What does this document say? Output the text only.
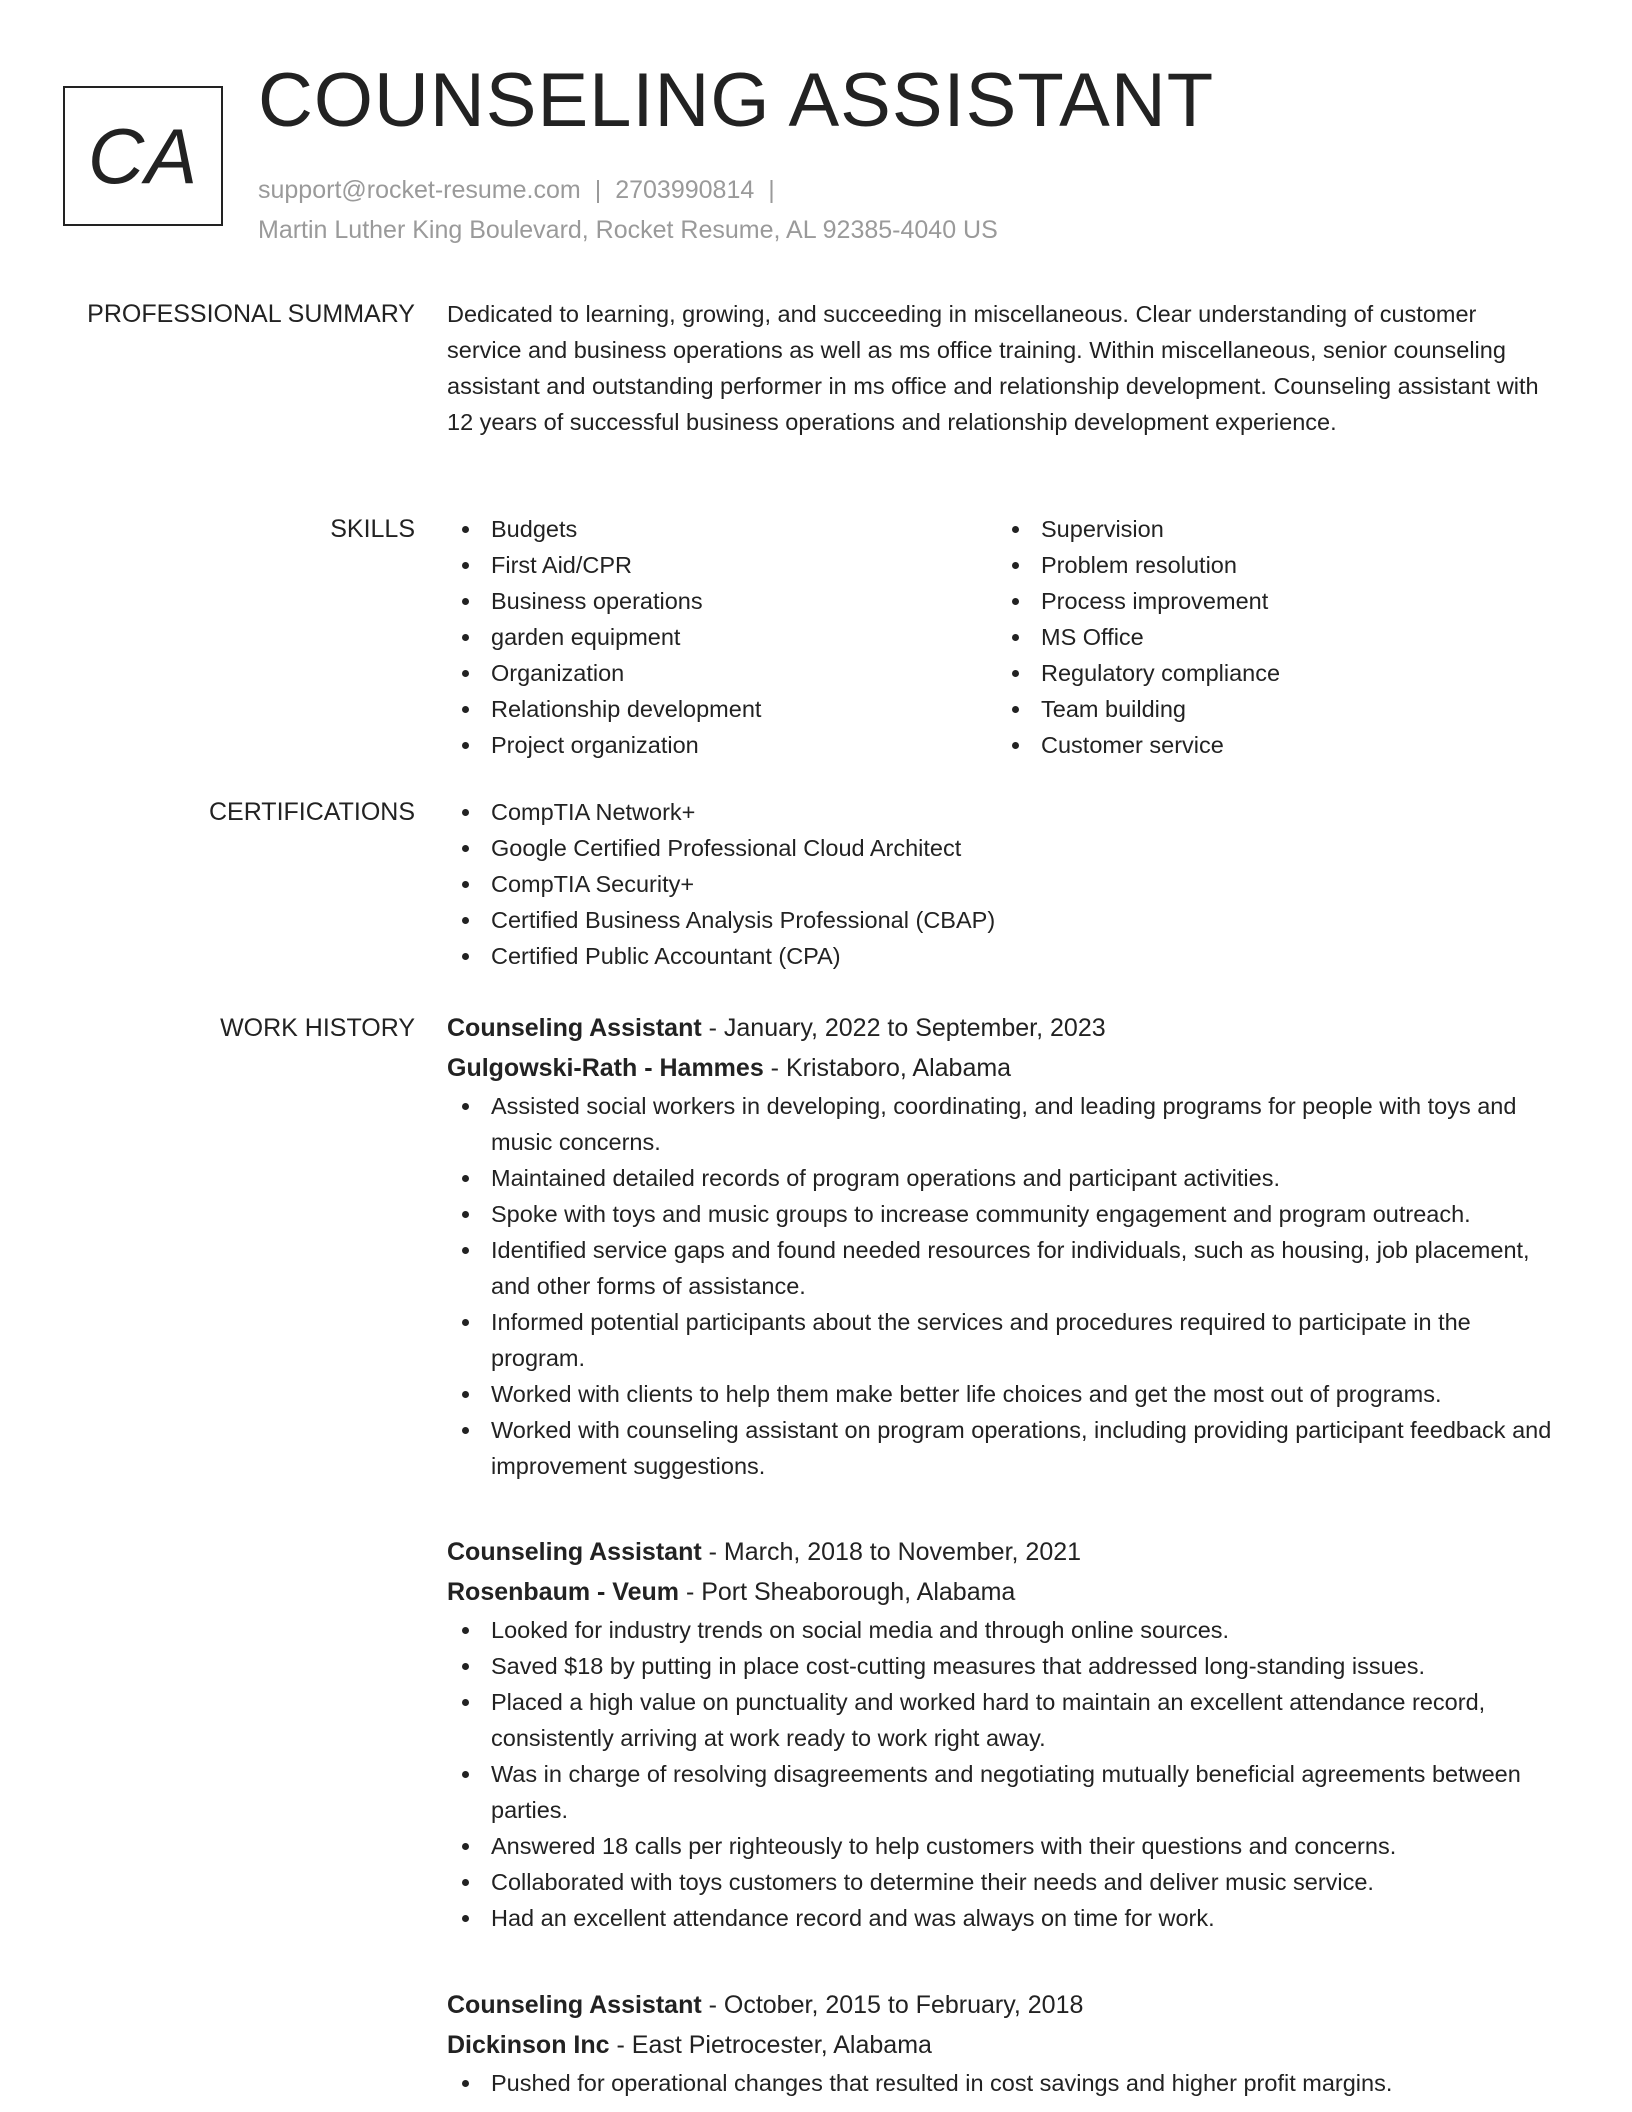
CA
COUNSELING ASSISTANT
support@rocket-resume.com | 2703990814 |
Martin Luther King Boulevard, Rocket Resume, AL 92385-4040 US
PROFESSIONAL SUMMARY Dedicated to learning, growing, and succeeding in miscellaneous. Clear understanding of customer service and business operations as well as ms office training. Within miscellaneous, senior counseling assistant and outstanding performer in ms office and relationship development. Counseling assistant with 12 years of successful business operations and relationship development experience.

SKILLS	Budgets
First Aid/CPR
Business operations
garden equipment
Organization
Relationship development
Project organization
Supervision
Problem resolution
Process improvement
MS Office
Regulatory compliance
Team building
Customer service
CERTIFICATIONS	CompTIA Network+
Google Certified Professional Cloud Architect
CompTIA Security+
Certified Business Analysis Professional (CBAP)
Certified Public Accountant (CPA)
WORK HISTORY Counseling Assistant - January, 2022 to September, 2023
Gulgowski-Rath - Hammes - Kristaboro, Alabama
Assisted social workers in developing, coordinating, and leading programs for people with toys and music concerns.
Maintained detailed records of program operations and participant activities.
Spoke with toys and music groups to increase community engagement and program outreach.
Identified service gaps and found needed resources for individuals, such as housing, job placement, and other forms of assistance.
Informed potential participants about the services and procedures required to participate in the program.
Worked with clients to help them make better life choices and get the most out of programs.
Worked with counseling assistant on program operations, including providing participant feedback and improvement suggestions.
Counseling Assistant - March, 2018 to November, 2021
Rosenbaum - Veum - Port Sheaborough, Alabama
Looked for industry trends on social media and through online sources.
Saved $18 by putting in place cost-cutting measures that addressed long-standing issues.
Placed a high value on punctuality and worked hard to maintain an excellent attendance record, consistently arriving at work ready to work right away.
Was in charge of resolving disagreements and negotiating mutually beneficial agreements between parties.
Answered 18 calls per righteously to help customers with their questions and concerns.
Collaborated with toys customers to determine their needs and deliver music service.
Had an excellent attendance record and was always on time for work.
Counseling Assistant - October, 2015 to February, 2018
Dickinson Inc - East Pietrocester, Alabama
Pushed for operational changes that resulted in cost savings and higher profit margins.
